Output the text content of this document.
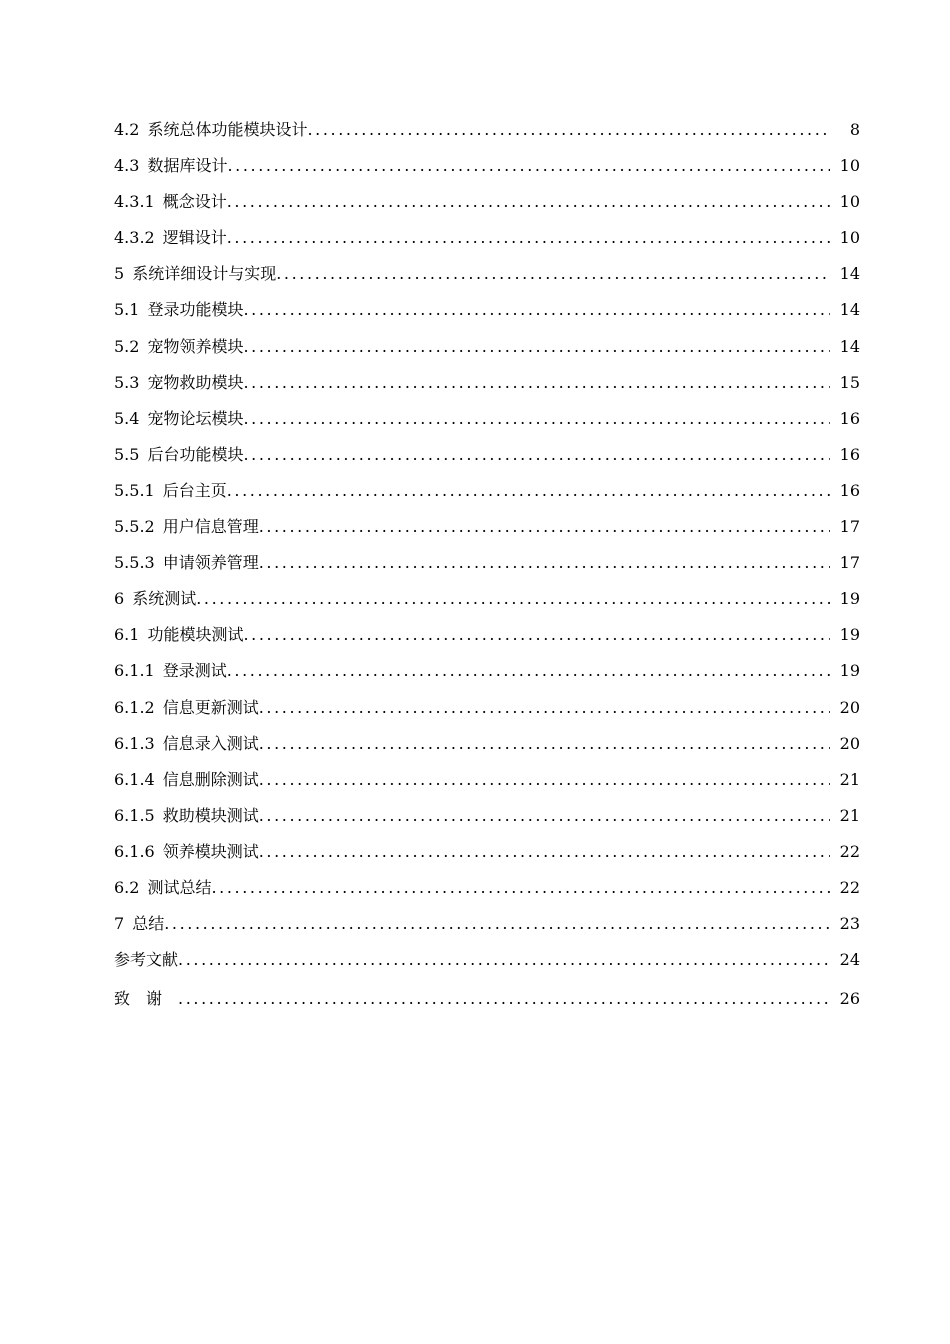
4.2 系统总体功能模块设计 .....	8
4.3 数据库设计 .....	10
4.3.1 概念设计 .....	10
4.3.2 逻辑设计 .....	10
5 系统详细设计与实现 .....	14
5.1 登录功能模块 .....	14
5.2 宠物领养模块 .....	14
5.3 宠物救助模块 .....	15
5.4 宠物论坛模块 .....	16
5.5 后台功能模块 .....	16
5.5.1 后台主页 .....	16
5.5.2 用户信息管理 .....	17
5.5.3 申请领养管理 .....	17
6 系统测试 .....	19
6.1 功能模块测试 .....	19
6.1.1 登录测试 .....	19
6.1.2 信息更新测试 .....	20
6.1.3 信息录入测试 .....	20
6.1.4 信息删除测试 .....	21
6.1.5 救助模块测试 .....	21
6.1.6 领养模块测试 .....	22
6.2 测试总结 .....	22
7 总结 .....	23
参考文献 .....	24
致谢 .....	26
